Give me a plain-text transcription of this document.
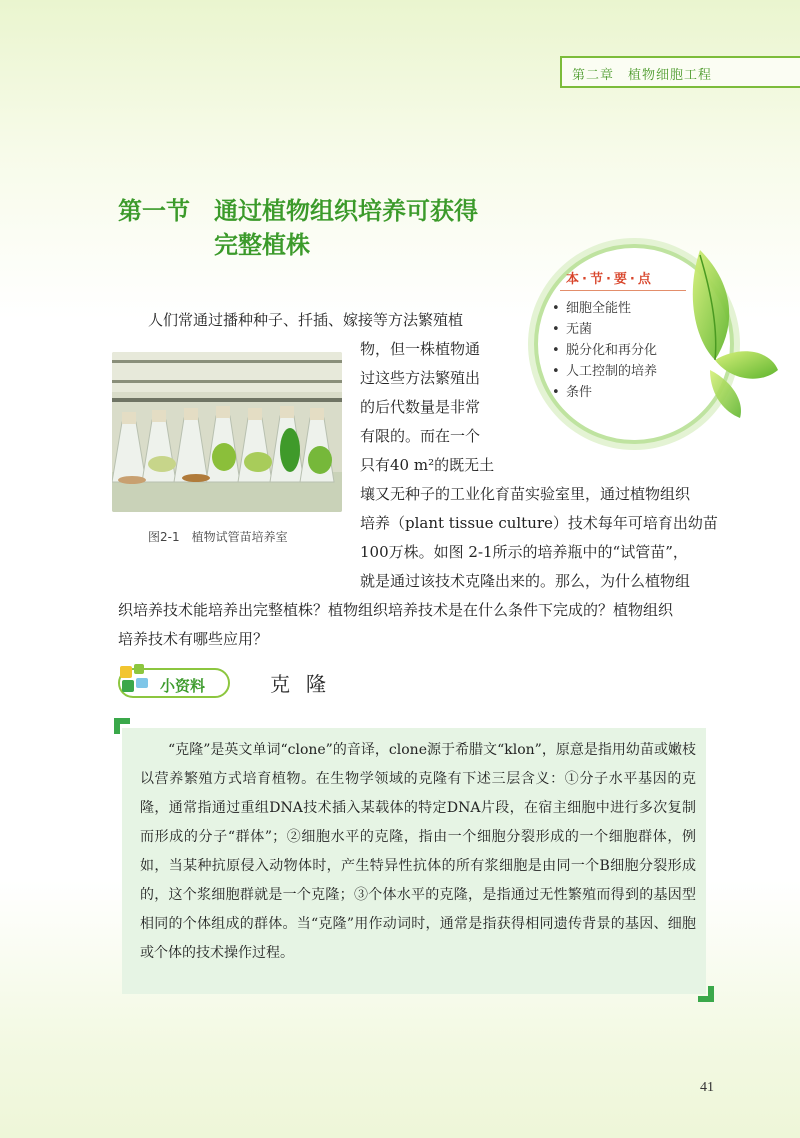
第二章　植物细胞工程
第一节 通过植物组织培养可获得
完整植株
本·节·要·点
• 细胞全能性
• 无菌
• 脱分化和再分化
• 人工控制的培养
• 条件
人们常通过播种种子、扦插、嫁接等方法繁殖植
物，但一株植物通
过这些方法繁殖出
的后代数量是非常
有限的。而在一个
只有40 m²的既无土
壤又无种子的工业化育苗实验室里，通过植物组织
培养（plant tissue culture）技术每年可培育出幼苗
100万株。如图 2-1所示的培养瓶中的“试管苗”，
就是通过该技术克隆出来的。那么，为什么植物组
织培养技术能培养出完整植株？植物组织培养技术是在什么条件下完成的？植物组织
培养技术有哪些应用？
图2-1　植物试管苗培养室
小资料	克隆
“克隆”是英文单词“clone”的音译，clone源于希腊文“klon”，原意是指用幼苗或嫩枝以营养繁殖方式培育植物。在生物学领域的克隆有下述三层含义：①分子水平基因的克隆，通常指通过重组DNA技术插入某载体的特定DNA片段，在宿主细胞中进行多次复制而形成的分子“群体”；②细胞水平的克隆，指由一个细胞分裂形成的一个细胞群体，例如，当某种抗原侵入动物体时，产生特异性抗体的所有浆细胞是由同一个B细胞分裂形成的，这个浆细胞群就是一个克隆；③个体水平的克隆，是指通过无性繁殖而得到的基因型相同的个体组成的群体。当“克隆”用作动词时，通常是指获得相同遗传背景的基因、细胞或个体的技术操作过程。
41
